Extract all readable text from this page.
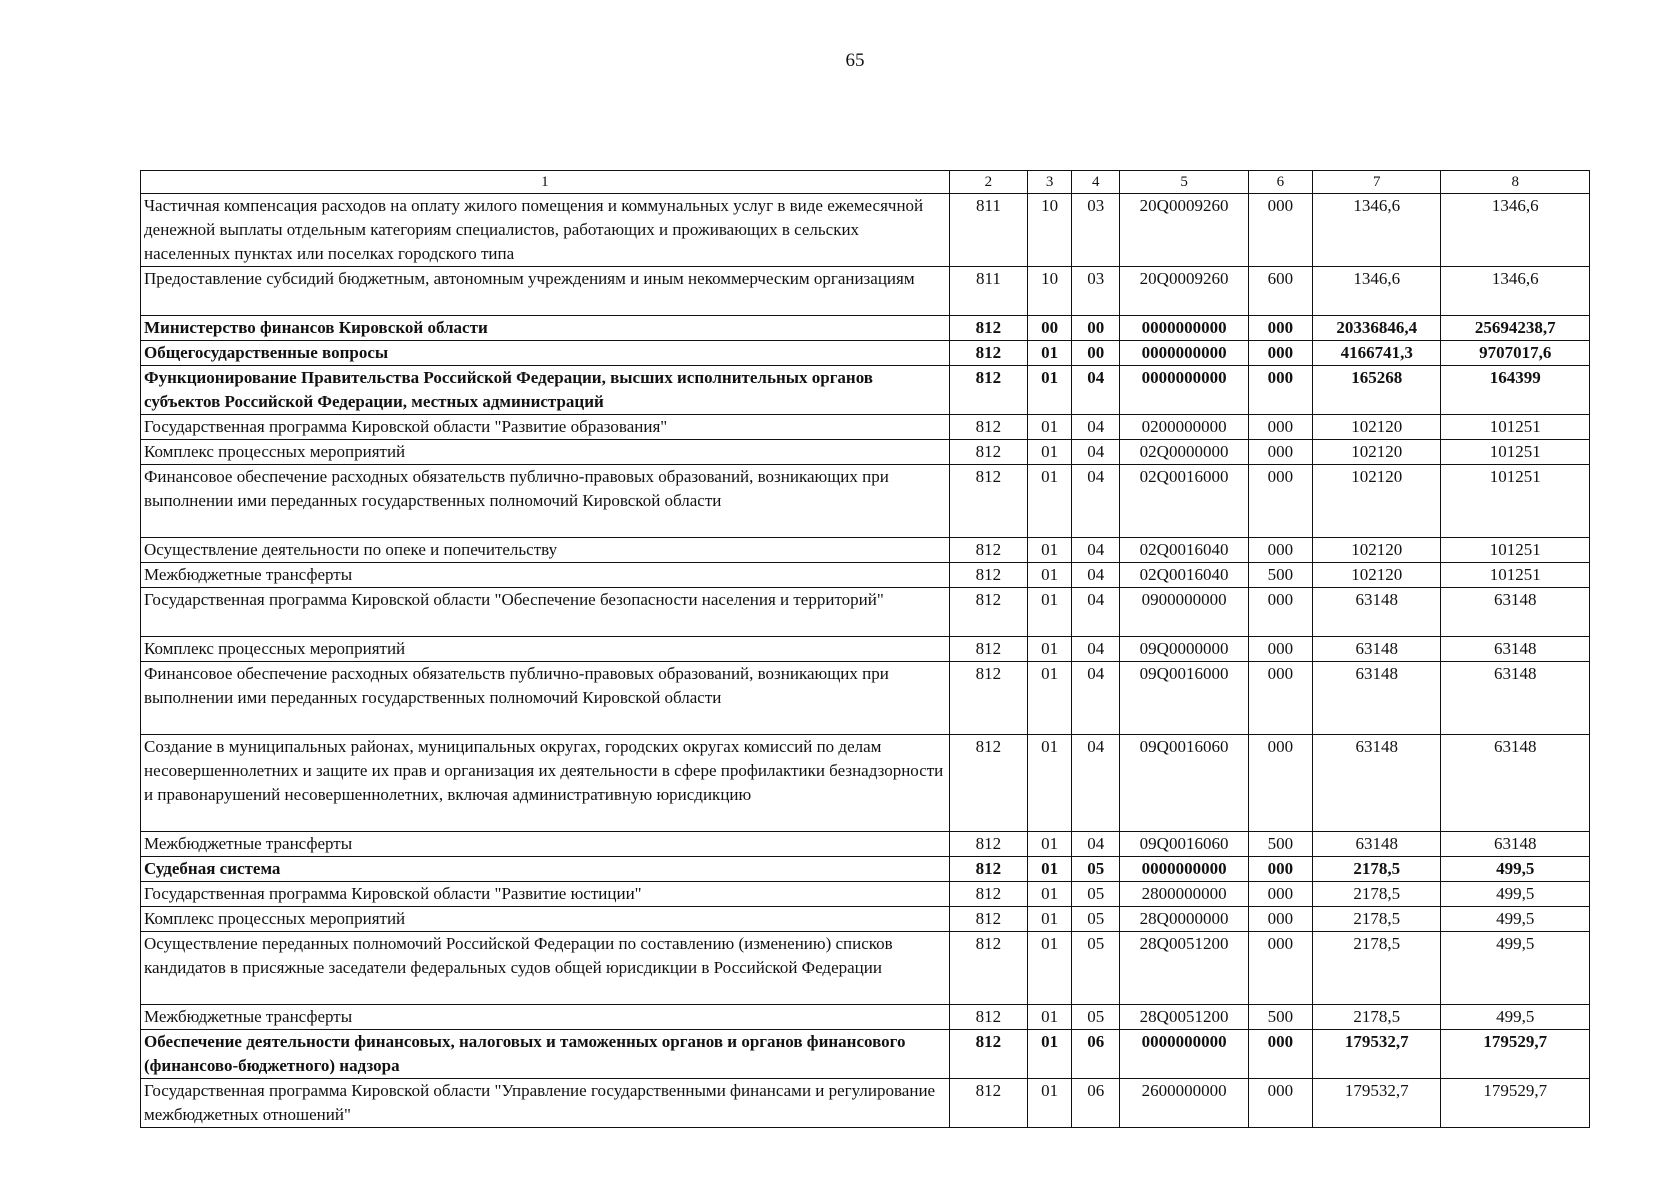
65
1	2	3	4	5	6	7	8
Частичная компенсация расходов на оплату жилого помещения и коммунальных услуг в виде ежемесячной денежной выплаты отдельным категориям специалистов, работающих и проживающих в сельских населенных пунктах или поселках городского типа	811	10	03	20Q0009260	000	1346,6	1346,6
Предоставление субсидий бюджетным, автономным учреждениям и иным некоммерческим организациям	811	10	03	20Q0009260	600	1346,6	1346,6
Министерство финансов Кировской области	812	00	00	0000000000	000	20336846,4	25694238,7
Общегосударственные вопросы	812	01	00	0000000000	000	4166741,3	9707017,6
Функционирование Правительства Российской Федерации, высших исполнительных органов субъектов Российской Федерации, местных администраций	812	01	04	0000000000	000	165268	164399
Государственная программа Кировской области "Развитие образования"	812	01	04	0200000000	000	102120	101251
Комплекс процессных мероприятий	812	01	04	02Q0000000	000	102120	101251
Финансовое обеспечение расходных обязательств публично-правовых образований, возникающих при выполнении ими переданных государственных полномочий Кировской области	812	01	04	02Q0016000	000	102120	101251
Осуществление деятельности по опеке и попечительству	812	01	04	02Q0016040	000	102120	101251
Межбюджетные трансферты	812	01	04	02Q0016040	500	102120	101251
Государственная программа Кировской области "Обеспечение безопасности населения и территорий"	812	01	04	0900000000	000	63148	63148
Комплекс процессных мероприятий	812	01	04	09Q0000000	000	63148	63148
Финансовое обеспечение расходных обязательств публично-правовых образований, возникающих при выполнении ими переданных государственных полномочий Кировской области	812	01	04	09Q0016000	000	63148	63148
Создание в муниципальных районах, муниципальных округах, городских округах комиссий по делам несовершеннолетних и защите их прав и организация их деятельности в сфере профилактики безнадзорности и правонарушений несовершеннолетних, включая административную юрисдикцию	812	01	04	09Q0016060	000	63148	63148
Межбюджетные трансферты	812	01	04	09Q0016060	500	63148	63148
Судебная система	812	01	05	0000000000	000	2178,5	499,5
Государственная программа Кировской области "Развитие юстиции"	812	01	05	2800000000	000	2178,5	499,5
Комплекс процессных мероприятий	812	01	05	28Q0000000	000	2178,5	499,5
Осуществление переданных полномочий Российской Федерации по составлению (изменению) списков кандидатов в присяжные заседатели федеральных судов общей юрисдикции в Российской Федерации	812	01	05	28Q0051200	000	2178,5	499,5
Межбюджетные трансферты	812	01	05	28Q0051200	500	2178,5	499,5
Обеспечение деятельности финансовых, налоговых и таможенных органов и органов финансового (финансово-бюджетного) надзора	812	01	06	0000000000	000	179532,7	179529,7
Государственная программа Кировской области "Управление государственными финансами и регулирование межбюджетных отношений"	812	01	06	2600000000	000	179532,7	179529,7
